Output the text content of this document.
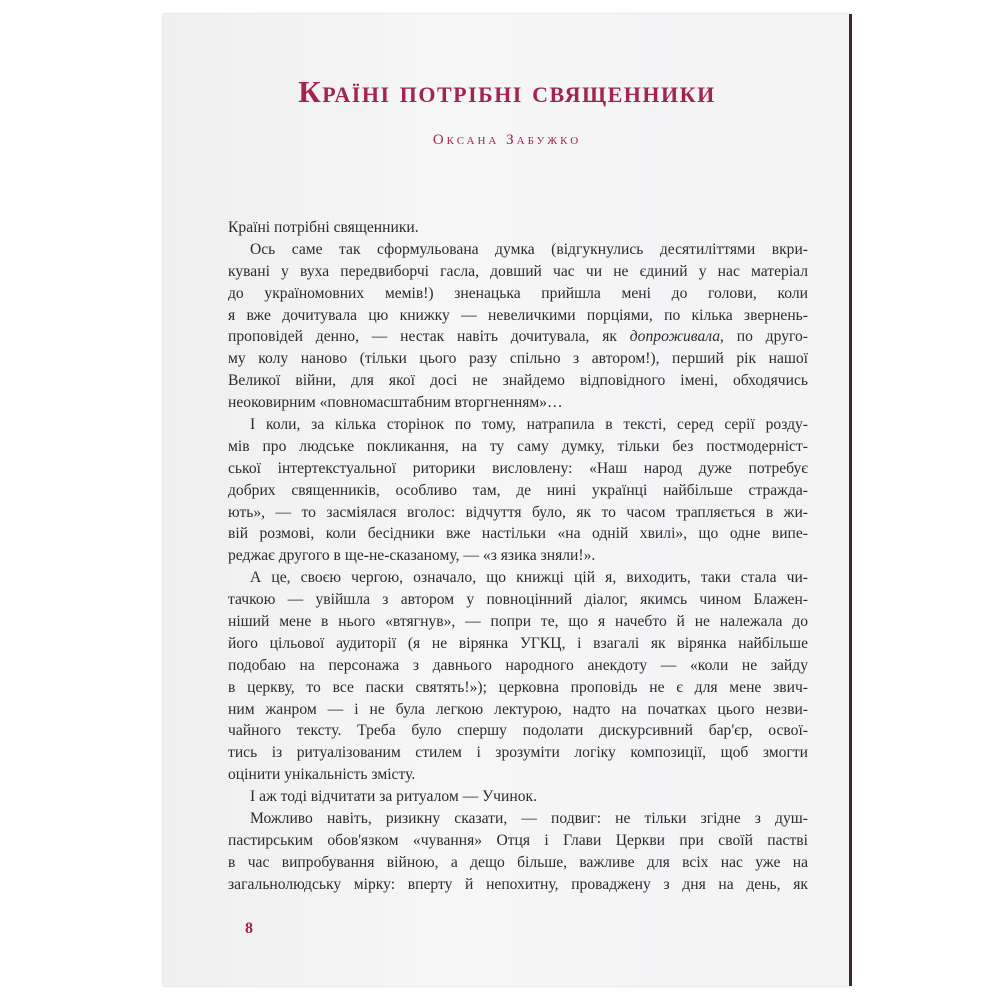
Країні потрібні священники
Оксана Забужко
Країні потрібні священники.
Ось саме так сформульована думка (відгукнулись десятиліттями вкри-
кувані у вуха передвиборчі гасла, довший час чи не єдиний у нас матеріал
до україномовних мемів!) зненацька прийшла мені до голови, коли
я вже дочитувала цю книжку — невеличкими порціями, по кілька звернень-
проповідей денно, — нестак навіть дочитувала, як допроживала, по друго-
му колу наново (тільки цього разу спільно з автором!), перший рік нашої
Великої війни, для якої досі не знайдемо відповідного імені, обходячись
неоковирним «повномасштабним вторгненням»…
І коли, за кілька сторінок по тому, натрапила в тексті, серед серії розду-
мів про людське покликання, на ту саму думку, тільки без постмодерніст-
ської інтертекстуальної риторики висловлену: «Наш народ дуже потребує
добрих священників, особливо там, де нині українці найбільше стражда-
ють», — то засміялася вголос: відчуття було, як то часом трапляється в жи-
вій розмові, коли бесідники вже настільки «на одній хвилі», що одне випе-
реджає другого в ще-не-сказаному, — «з язика зняли!».
А це, своєю чергою, означало, що книжці цій я, виходить, таки стала чи-
тачкою — увійшла з автором у повноцінний діалог, якимсь чином Блажен-
ніший мене в нього «втягнув», — попри те, що я начебто й не належала до
його цільової аудиторії (я не вірянка УГКЦ, і взагалі як вірянка найбільше
подобаю на персонажа з давнього народного анекдоту — «коли не зайду
в церкву, то все паски святять!»); церковна проповідь не є для мене звич-
ним жанром — і не була легкою лектурою, надто на початках цього незви-
чайного тексту. Треба було спершу подолати дискурсивний бар'єр, освої-
тись із ритуалізованим стилем і зрозуміти логіку композиції, щоб змогти
оцінити унікальність змісту.
І аж тоді відчитати за ритуалом — Учинок.
Можливо навіть, ризикну сказати, — подвиг: не тільки згідне з душ-
пастирським обов'язком «чування» Отця і Глави Церкви при своїй пастві
в час випробування війною, а дещо більше, важливе для всіх нас уже на
загальнолюдську мірку: вперту й непохитну, проваджену з дня на день, як
8
